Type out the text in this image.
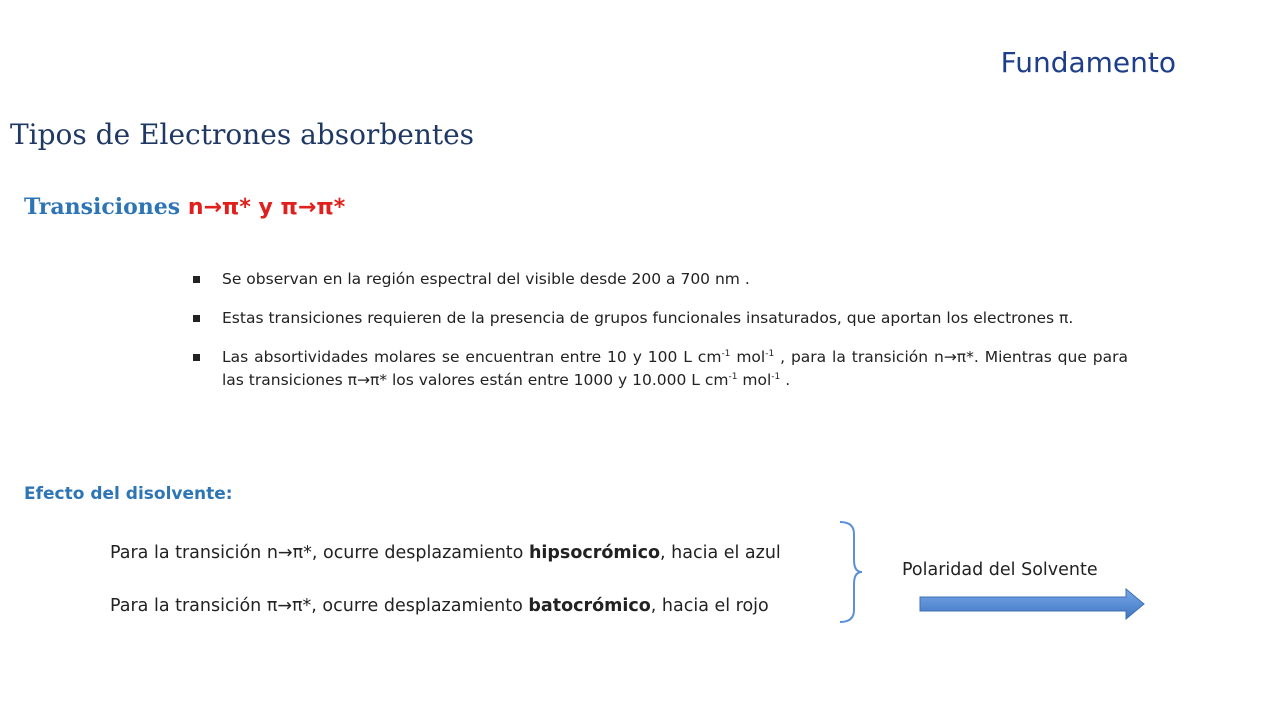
Fundamento
Tipos de Electrones absorbentes
Transiciones n→π* y π→π*
Se observan en la región espectral del visible desde 200 a 700 nm .
Estas transiciones requieren de la presencia de grupos funcionales insaturados, que aportan los electrones π.
Las absortividades molares se encuentran entre 10 y 100 L $cm^{-1}$ mol$^{-1}$ , para la transición n→π*. Mientras que para las transiciones π→π* los valores están entre 1000 y 10.000 L $cm^{-1}$ mol$^{-1}$ .
Efecto del disolvente:
Para la transición n→π*, ocurre desplazamiento hipsocrómico, hacia el azul
Para la transición π→π*, ocurre desplazamiento batocrómico, hacia el rojo
Polaridad del Solvente
